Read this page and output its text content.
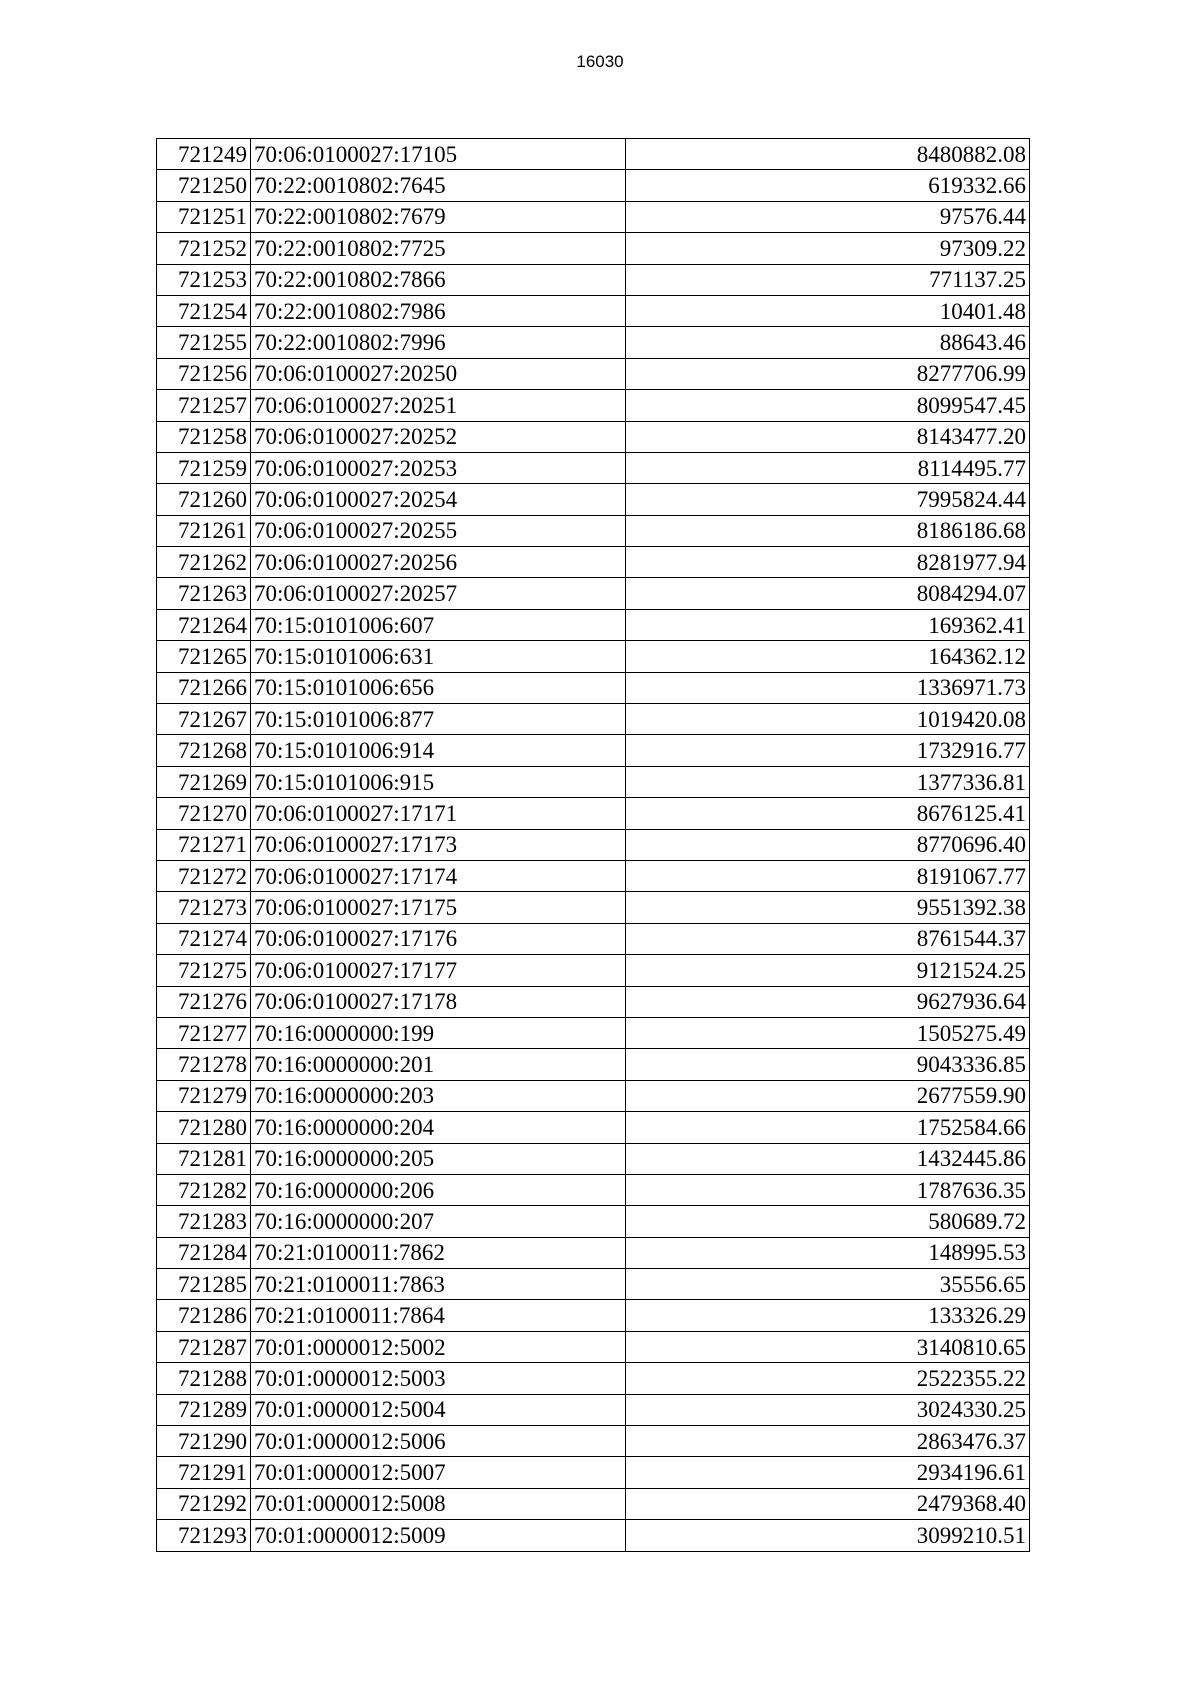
16030
721249	70:06:0100027:17105	8480882.08
721250	70:22:0010802:7645	619332.66
721251	70:22:0010802:7679	97576.44
721252	70:22:0010802:7725	97309.22
721253	70:22:0010802:7866	771137.25
721254	70:22:0010802:7986	10401.48
721255	70:22:0010802:7996	88643.46
721256	70:06:0100027:20250	8277706.99
721257	70:06:0100027:20251	8099547.45
721258	70:06:0100027:20252	8143477.20
721259	70:06:0100027:20253	8114495.77
721260	70:06:0100027:20254	7995824.44
721261	70:06:0100027:20255	8186186.68
721262	70:06:0100027:20256	8281977.94
721263	70:06:0100027:20257	8084294.07
721264	70:15:0101006:607	169362.41
721265	70:15:0101006:631	164362.12
721266	70:15:0101006:656	1336971.73
721267	70:15:0101006:877	1019420.08
721268	70:15:0101006:914	1732916.77
721269	70:15:0101006:915	1377336.81
721270	70:06:0100027:17171	8676125.41
721271	70:06:0100027:17173	8770696.40
721272	70:06:0100027:17174	8191067.77
721273	70:06:0100027:17175	9551392.38
721274	70:06:0100027:17176	8761544.37
721275	70:06:0100027:17177	9121524.25
721276	70:06:0100027:17178	9627936.64
721277	70:16:0000000:199	1505275.49
721278	70:16:0000000:201	9043336.85
721279	70:16:0000000:203	2677559.90
721280	70:16:0000000:204	1752584.66
721281	70:16:0000000:205	1432445.86
721282	70:16:0000000:206	1787636.35
721283	70:16:0000000:207	580689.72
721284	70:21:0100011:7862	148995.53
721285	70:21:0100011:7863	35556.65
721286	70:21:0100011:7864	133326.29
721287	70:01:0000012:5002	3140810.65
721288	70:01:0000012:5003	2522355.22
721289	70:01:0000012:5004	3024330.25
721290	70:01:0000012:5006	2863476.37
721291	70:01:0000012:5007	2934196.61
721292	70:01:0000012:5008	2479368.40
721293	70:01:0000012:5009	3099210.51
